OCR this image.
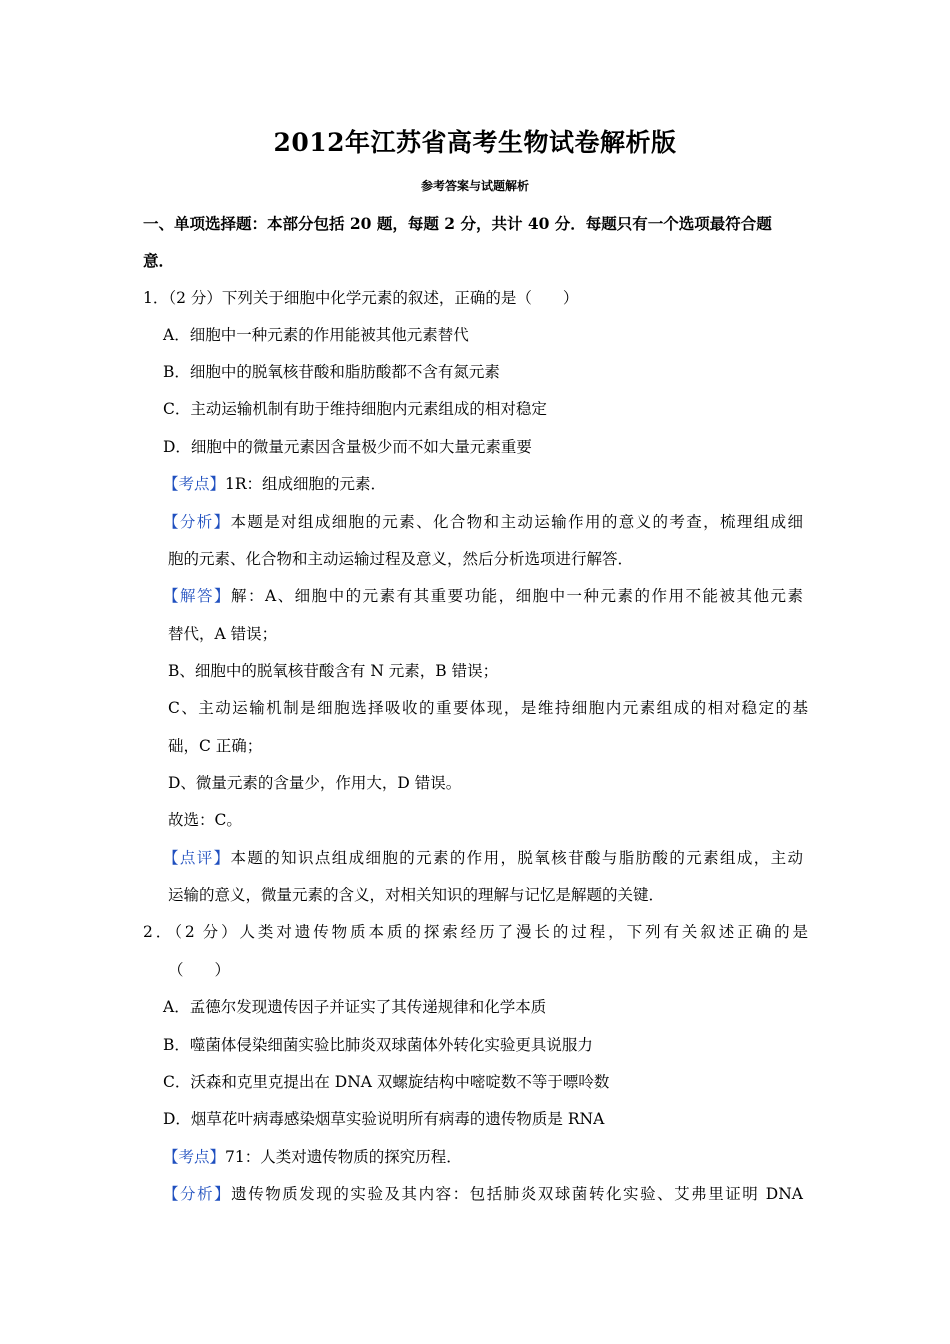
2012年江苏省高考生物试卷解析版
参考答案与试题解析
一、单项选择题：本部分包括 20 题，每题 2 分，共计 40 分．每题只有一个选项最符合题
意．
1．（2 分）下列关于细胞中化学元素的叙述，正确的是（　　）
A．细胞中一种元素的作用能被其他元素替代
B．细胞中的脱氧核苷酸和脂肪酸都不含有氮元素
C．主动运输机制有助于维持细胞内元素组成的相对稳定
D．细胞中的微量元素因含量极少而不如大量元素重要
【考点】1R：组成细胞的元素．
【分析】本题是对组成细胞的元素、化合物和主动运输作用的意义的考查，梳理组成细
胞的元素、化合物和主动运输过程及意义，然后分析选项进行解答．
【解答】解：A、细胞中的元素有其重要功能，细胞中一种元素的作用不能被其他元素
替代，A 错误；
B、细胞中的脱氧核苷酸含有 N 元素，B 错误；
C、主动运输机制是细胞选择吸收的重要体现，是维持细胞内元素组成的相对稳定的基
础，C 正确；
D、微量元素的含量少，作用大，D 错误。
故选：C。
【点评】本题的知识点组成细胞的元素的作用，脱氧核苷酸与脂肪酸的元素组成，主动
运输的意义，微量元素的含义，对相关知识的理解与记忆是解题的关键．
2．（2 分）人类对遗传物质本质的探索经历了漫长的过程，下列有关叙述正确的是
（　　）
A．孟德尔发现遗传因子并证实了其传递规律和化学本质
B．噬菌体侵染细菌实验比肺炎双球菌体外转化实验更具说服力
C．沃森和克里克提出在 DNA 双螺旋结构中嘧啶数不等于嘌呤数
D．烟草花叶病毒感染烟草实验说明所有病毒的遗传物质是 RNA
【考点】71：人类对遗传物质的探究历程．
【分析】遗传物质发现的实验及其内容：包括肺炎双球菌转化实验、艾弗里证明 DNA
